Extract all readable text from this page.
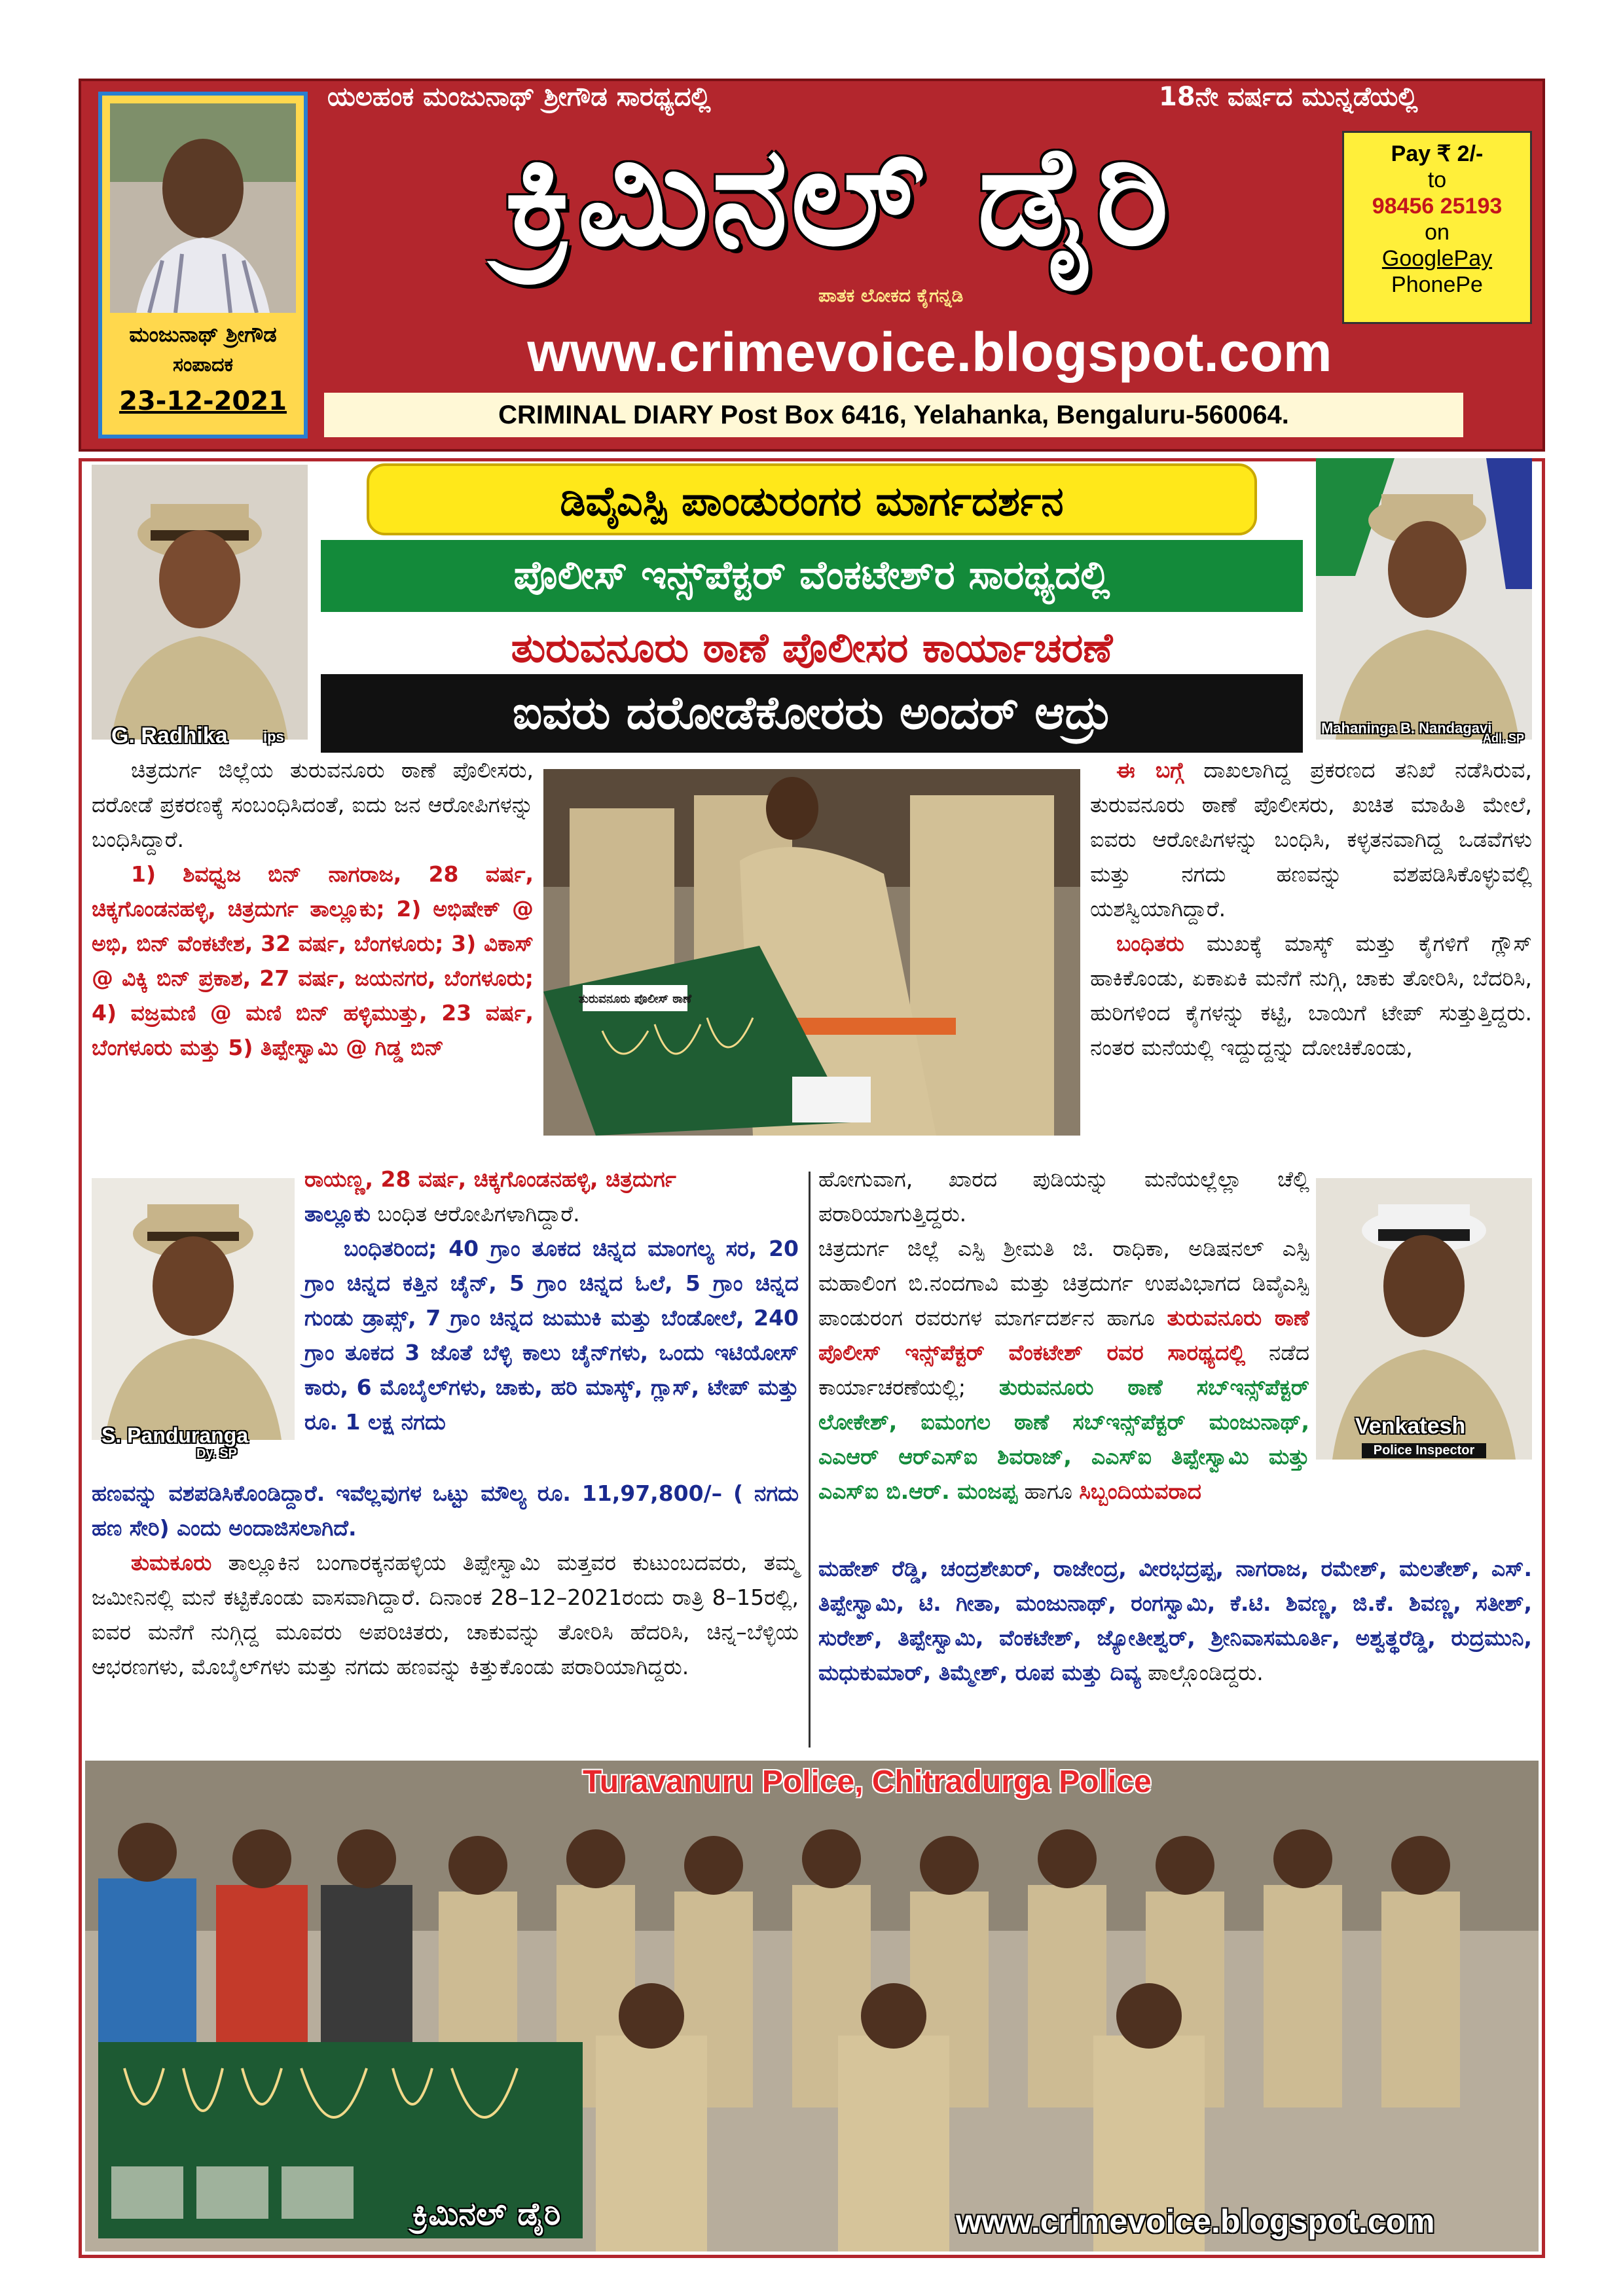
ಮಂಜುನಾಥ್ ಶ್ರೀಗೌಡ
ಸಂಪಾದಕ
23-12-2021
ಯಲಹಂಕ ಮಂಜುನಾಥ್ ಶ್ರೀಗೌಡ ಸಾರಥ್ಯದಲ್ಲಿ	18ನೇ ವರ್ಷದ ಮುನ್ನಡೆಯಲ್ಲಿ
ಕ್ರಿಮಿನಲ್ ಡೈರಿ
ಪಾತಕ ಲೋಕದ ಕೈಗನ್ನಡಿ
Pay ₹ 2/-
to
98456 25193
on
GooglePay
PhonePe
www.crimevoice.blogspot.com
CRIMINAL DIARY Post Box 6416, Yelahanka, Bengaluru-560064.
G. Radhika ips
Mahaninga B. Nandagavi
Adl. SP
ಡಿವೈಎಸ್ಪಿ ಪಾಂಡುರಂಗರ ಮಾರ್ಗದರ್ಶನ
ಪೊಲೀಸ್ ಇನ್ಸ್‌ಪೆಕ್ಟರ್ ವೆಂಕಟೇಶ್‌ರ ಸಾರಥ್ಯದಲ್ಲಿ
ತುರುವನೂರು ಠಾಣೆ ಪೊಲೀಸರ ಕಾರ್ಯಾಚರಣೆ
ಐವರು ದರೋಡೆಕೋರರು ಅಂದರ್ ಆದ್ರು
ತುರುವನೂರು ಪೊಲೀಸ್ ಠಾಣೆ
ಚಿತ್ರದುರ್ಗ ಜಿಲ್ಲೆಯ ತುರುವನೂರು ಠಾಣೆ ಪೊಲೀಸರು, ದರೋಡೆ ಪ್ರಕರಣಕ್ಕೆ ಸಂಬಂಧಿಸಿದಂತೆ, ಐದು ಜನ ಆರೋಪಿಗಳನ್ನು ಬಂಧಿಸಿದ್ದಾರೆ.
1) ಶಿವಧ್ವಜ ಬಿನ್ ನಾಗರಾಜ, 28 ವರ್ಷ, ಚಿಕ್ಕಗೊಂಡನಹಳ್ಳಿ, ಚಿತ್ರದುರ್ಗ ತಾಲ್ಲೂಕು; 2) ಅಭಿಷೇಕ್ @ ಅಭಿ, ಬಿನ್ ವೆಂಕಟೇಶ, 32 ವರ್ಷ, ಬೆಂಗಳೂರು; 3) ವಿಕಾಸ್ @ ವಿಕ್ಕಿ ಬಿನ್ ಪ್ರಕಾಶ, 27 ವರ್ಷ, ಜಯನಗರ, ಬೆಂಗಳೂರು; 4) ವಜ್ರಮಣಿ @ ಮಣಿ ಬಿನ್ ಹಳ್ಳಿಮುತ್ತು, 23 ವರ್ಷ, ಬೆಂಗಳೂರು ಮತ್ತು 5) ತಿಪ್ಪೇಸ್ವಾಮಿ @ ಗಿಡ್ಡ ಬಿನ್
S. Panduranga
Dy. SP
ರಾಯಣ್ಣ, 28 ವರ್ಷ, ಚಿಕ್ಕಗೊಂಡನಹಳ್ಳಿ, ಚಿತ್ರದುರ್ಗ
ತಾಲ್ಲೂಕು ಬಂಧಿತ ಆರೋಪಿಗಳಾಗಿದ್ದಾರೆ.
ಬಂಧಿತರಿಂದ; 40 ಗ್ರಾಂ ತೂಕದ ಚಿನ್ನದ ಮಾಂಗಲ್ಯ ಸರ, 20 ಗ್ರಾಂ ಚಿನ್ನದ ಕತ್ತಿನ ಚೈನ್, 5 ಗ್ರಾಂ ಚಿನ್ನದ ಓಲೆ, 5 ಗ್ರಾಂ ಚಿನ್ನದ ಗುಂಡು ಡ್ರಾಪ್ಸ್, 7 ಗ್ರಾಂ ಚಿನ್ನದ ಜುಮುಕಿ ಮತ್ತು ಬೆಂಡೋಲೆ, 240 ಗ್ರಾಂ ತೂಕದ 3 ಜೊತೆ ಬೆಳ್ಳಿ ಕಾಲು ಚೈನ್‌ಗಳು, ಒಂದು ಇಟಿಯೋಸ್ ಕಾರು, 6 ಮೊಬೈಲ್‌ಗಳು, ಚಾಕು, ಹರಿ ಮಾಸ್ಕ್, ಗ್ಲಾಸ್, ಟೇಪ್ ಮತ್ತು ರೂ. 1 ಲಕ್ಷ ನಗದು
ಹಣವನ್ನು ವಶಪಡಿಸಿಕೊಂಡಿದ್ದಾರೆ. ಇವೆಲ್ಲವುಗಳ ಒಟ್ಟು ಮೌಲ್ಯ ರೂ. 11,97,800/– ( ನಗದು ಹಣ ಸೇರಿ) ಎಂದು ಅಂದಾಜಿಸಲಾಗಿದೆ.
ತುಮಕೂರು ತಾಲ್ಲೂಕಿನ ಬಂಗಾರಕ್ಕನಹಳ್ಳಿಯ ತಿಪ್ಪೇಸ್ವಾಮಿ ಮತ್ತವರ ಕುಟುಂಬದವರು, ತಮ್ಮ ಜಮೀನಿನಲ್ಲಿ ಮನೆ ಕಟ್ಟಿಕೊಂಡು ವಾಸವಾಗಿದ್ದಾರೆ. ದಿನಾಂಕ 28–12–2021ರಂದು ರಾತ್ರಿ 8–15ರಲ್ಲಿ, ಐವರ ಮನೆಗೆ ನುಗ್ಗಿದ್ದ ಮೂವರು ಅಪರಿಚಿತರು, ಚಾಕುವನ್ನು ತೋರಿಸಿ ಹೆದರಿಸಿ, ಚಿನ್ನ–ಬೆಳ್ಳಿಯ ಆಭರಣಗಳು, ಮೊಬೈಲ್‌ಗಳು ಮತ್ತು ನಗದು ಹಣವನ್ನು ಕಿತ್ತುಕೊಂಡು ಪರಾರಿಯಾಗಿದ್ದರು.
ಈ ಬಗ್ಗೆ ದಾಖಲಾಗಿದ್ದ ಪ್ರಕರಣದ ತನಿಖೆ ನಡೆಸಿರುವ, ತುರುವನೂರು ಠಾಣೆ ಪೊಲೀಸರು, ಖಚಿತ ಮಾಹಿತಿ ಮೇಲೆ, ಐವರು ಆರೋಪಿಗಳನ್ನು ಬಂಧಿಸಿ, ಕಳ್ಳತನವಾಗಿದ್ದ ಒಡವೆಗಳು ಮತ್ತು ನಗದು ಹಣವನ್ನು ವಶಪಡಿಸಿಕೊಳ್ಳುವಲ್ಲಿ ಯಶಸ್ವಿಯಾಗಿದ್ದಾರೆ.
ಬಂಧಿತರು ಮುಖಕ್ಕೆ ಮಾಸ್ಕ್ ಮತ್ತು ಕೈಗಳಿಗೆ ಗ್ಲೌಸ್ ಹಾಕಿಕೊಂಡು, ಏಕಾಏಕಿ ಮನೆಗೆ ನುಗ್ಗಿ, ಚಾಕು ತೋರಿಸಿ, ಬೆದರಿಸಿ, ಹುರಿಗಳಿಂದ ಕೈಗಳನ್ನು ಕಟ್ಟಿ, ಬಾಯಿಗೆ ಟೇಪ್ ಸುತ್ತುತ್ತಿದ್ದರು. ನಂತರ ಮನೆಯಲ್ಲಿ ಇದ್ದುದ್ದನ್ನು ದೋಚಿಕೊಂಡು,
ಹೋಗುವಾಗ, ಖಾರದ ಪುಡಿಯನ್ನು ಮನೆಯಲ್ಲೆಲ್ಲಾ ಚೆಲ್ಲಿ ಪರಾರಿಯಾಗುತ್ತಿದ್ದರು.
ಚಿತ್ರದುರ್ಗ ಜಿಲ್ಲೆ ಎಸ್ಪಿ ಶ್ರೀಮತಿ ಜಿ. ರಾಧಿಕಾ, ಅಡಿಷನಲ್ ಎಸ್ಪಿ ಮಹಾಲಿಂಗ ಬಿ.ನಂದಗಾವಿ ಮತ್ತು ಚಿತ್ರದುರ್ಗ ಉಪವಿಭಾಗದ ಡಿವೈಎಸ್ಪಿ ಪಾಂಡುರಂಗ ರವರುಗಳ ಮಾರ್ಗದರ್ಶನ ಹಾಗೂ ತುರುವನೂರು ಠಾಣೆ ಪೊಲೀಸ್ ಇನ್ಸ್‌ಪೆಕ್ಟರ್ ವೆಂಕಟೇಶ್ ರವರ ಸಾರಥ್ಯದಲ್ಲಿ ನಡೆದ ಕಾರ್ಯಾಚರಣೆಯಲ್ಲಿ; ತುರುವನೂರು ಠಾಣೆ ಸಬ್‌ಇನ್ಸ್‌ಪೆಕ್ಟರ್ ಲೋಕೇಶ್, ಐಮಂಗಲ ಠಾಣೆ ಸಬ್‌ಇನ್ಸ್‌ಪೆಕ್ಟರ್ ಮಂಜುನಾಥ್, ಎಎಆರ್ ಆರ್‌ಎಸ್‌ಐ ಶಿವರಾಜ್, ಎಎಸ್‌ಐ ತಿಪ್ಪೇಸ್ವಾಮಿ ಮತ್ತು ಎಎಸ್‌ಐ ಬಿ.ಆರ್. ಮಂಜಪ್ಪ ಹಾಗೂ ಸಿಬ್ಬಂದಿಯವರಾದ
Venkatesh
Police Inspector
ಮಹೇಶ್ ರೆಡ್ಡಿ, ಚಂದ್ರಶೇಖರ್, ರಾಜೇಂದ್ರ, ವೀರಭದ್ರಪ್ಪ, ನಾಗರಾಜ, ರಮೇಶ್, ಮಲತೇಶ್, ಎಸ್. ತಿಪ್ಪೇಸ್ವಾಮಿ, ಟಿ. ಗೀತಾ, ಮಂಜುನಾಥ್, ರಂಗಸ್ವಾಮಿ, ಕೆ.ಟಿ. ಶಿವಣ್ಣ, ಜಿ.ಕೆ. ಶಿವಣ್ಣ, ಸತೀಶ್, ಸುರೇಶ್, ತಿಪ್ಪೇಸ್ವಾಮಿ, ವೆಂಕಟೇಶ್, ಜ್ಯೋತೀಶ್ವರ್, ಶ್ರೀನಿವಾಸಮೂರ್ತಿ, ಅಶ್ವತ್ಥರೆಡ್ಡಿ, ರುದ್ರಮುನಿ, ಮಧುಕುಮಾರ್, ತಿಮ್ಮೇಶ್, ರೂಪ ಮತ್ತು ದಿವ್ಯ ಪಾಲ್ಗೊಂಡಿದ್ದರು.
Turavanuru Police, Chitradurga Police
ಕ್ರಿಮಿನಲ್ ಡೈರಿ	www.crimevoice.blogspot.com
